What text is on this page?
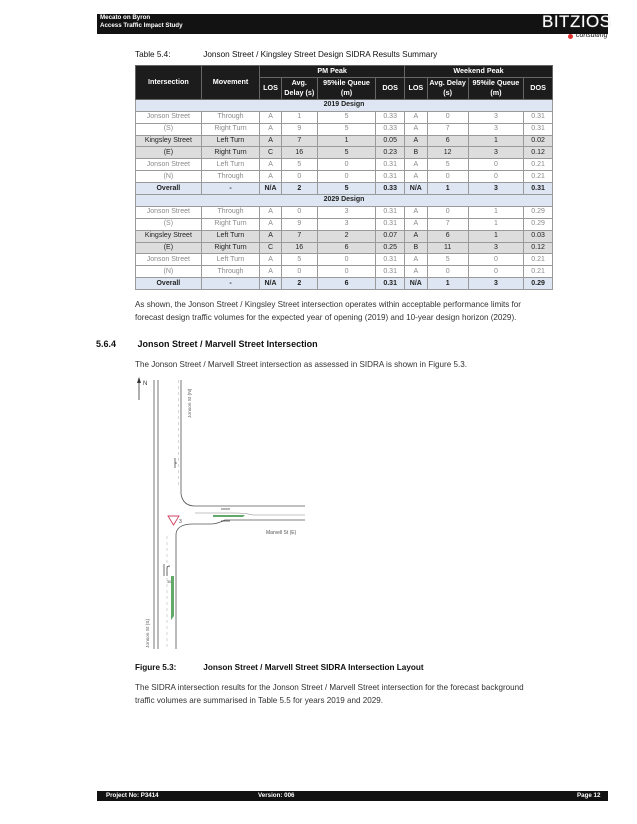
Mecato on Byron
Access Traffic Impact Study	BITZIOS
consulting
Table 5.4:	Jonson Street / Kingsley Street Design SIDRA Results Summary
Intersection	Movement	PM Peak				Weekend Peak			
		LOS	Avg. Delay (s)	95%ile Queue (m)	DOS	LOS	Avg. Delay (s)	95%ile Queue (m)	DOS
2019 Design									
Jonson Street	Through	A	1	5	0.33	A	0	3	0.31
(S)	Right Turn	A	9	5	0.33	A	7	3	0.31
Kingsley Street	Left Turn	A	7	1	0.05	A	6	1	0.02
(E)	Right Turn	C	16	5	0.23	B	12	3	0.12
Jonson Street	Left Turn	A	5	0	0.31	A	5	0	0.21
(N)	Through	A	0	0	0.31	A	0	0	0.21
Overall	-	N/A	2	5	0.33	N/A	1	3	0.31
2029 Design									
Jonson Street	Through	A	0	3	0.31	A	0	1	0.29
(S)	Right Turn	A	9	3	0.31	A	7	1	0.29
Kingsley Street	Left Turn	A	7	2	0.07	A	6	1	0.03
(E)	Right Turn	C	16	6	0.25	B	11	3	0.12
Jonson Street	Left Turn	A	5	0	0.31	A	5	0	0.21
(N)	Through	A	0	0	0.31	A	0	0	0.21
Overall	-	N/A	2	6	0.31	N/A	1	3	0.29
As shown, the Jonson Street / Kingsley Street intersection operates within acceptable performance limits for
forecast design traffic volumes for the expected year of opening (2019) and 10-year design horizon (2029).
5.6.4 Jonson Street / Marvell Street Intersection
The Jonson Street / Marvell Street intersection as assessed in SIDRA is shown in Figure 5.3.
N
3
30
Jonson St (N)
Marvell St (E)
Jonson St (S)
Figure 5.3:	Jonson Street / Marvell Street SIDRA Intersection Layout
The SIDRA intersection results for the Jonson Street / Marvell Street intersection for the forecast background
traffic volumes are summarised in Table 5.5 for years 2019 and 2029.
Project No: P3414	Version: 006	Page 12
